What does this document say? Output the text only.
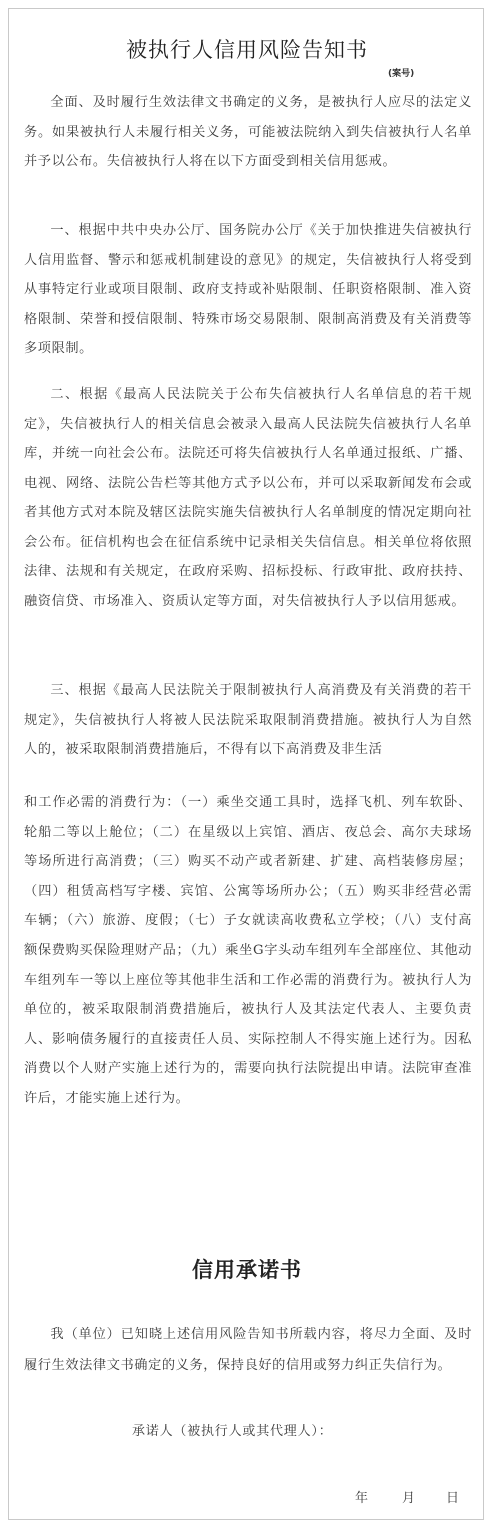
被执行人信用风险告知书
(案号)

全面、及时履行生效法律文书确定的义务，是被执行人应尽的法定义务。如果被执行人未履行相关义务，可能被法院纳入到失信被执行人名单并予以公布。失信被执行人将在以下方面受到相关信用惩戒。

一、根据中共中央办公厅、国务院办公厅《关于加快推进失信被执行人信用监督、警示和惩戒机制建设的意见》的规定，失信被执行人将受到从事特定行业或项目限制、政府支持或补贴限制、任职资格限制、准入资格限制、荣誉和授信限制、特殊市场交易限制、限制高消费及有关消费等多项限制。

二、根据《最高人民法院关于公布失信被执行人名单信息的若干规定》，失信被执行人的相关信息会被录入最高人民法院失信被执行人名单库，并统一向社会公布。法院还可将失信被执行人名单通过报纸、广播、电视、网络、法院公告栏等其他方式予以公布，并可以采取新闻发布会或者其他方式对本院及辖区法院实施失信被执行人名单制度的情况定期向社会公布。征信机构也会在征信系统中记录相关失信信息。相关单位将依照法律、法规和有关规定，在政府采购、招标投标、行政审批、政府扶持、融资信贷、市场准入、资质认定等方面，对失信被执行人予以信用惩戒。

三、根据《最高人民法院关于限制被执行人高消费及有关消费的若干规定》，失信被执行人将被人民法院采取限制消费措施。被执行人为自然人的，被采取限制消费措施后，不得有以下高消费及非生活

和工作必需的消费行为：（一）乘坐交通工具时，选择飞机、列车软卧、轮船二等以上舱位；（二）在星级以上宾馆、酒店、夜总会、高尔夫球场等场所进行高消费；（三）购买不动产或者新建、扩建、高档装修房屋；（四）租赁高档写字楼、宾馆、公寓等场所办公；（五）购买非经营必需车辆；（六）旅游、度假；（七）子女就读高收费私立学校；（八）支付高额保费购买保险理财产品；（九）乘坐G字头动车组列车全部座位、其他动车组列车一等以上座位等其他非生活和工作必需的消费行为。被执行人为单位的，被采取限制消费措施后，被执行人及其法定代表人、主要负责人、影响债务履行的直接责任人员、实际控制人不得实施上述行为。因私消费以个人财产实施上述行为的，需要向执行法院提出申请。法院审查准许后，才能实施上述行为。

信用承诺书

我（单位）已知晓上述信用风险告知书所载内容，将尽力全面、及时履行生效法律文书确定的义务，保持良好的信用或努力纠正失信行为。

承诺人（被执行人或其代理人）：
年	月 日
